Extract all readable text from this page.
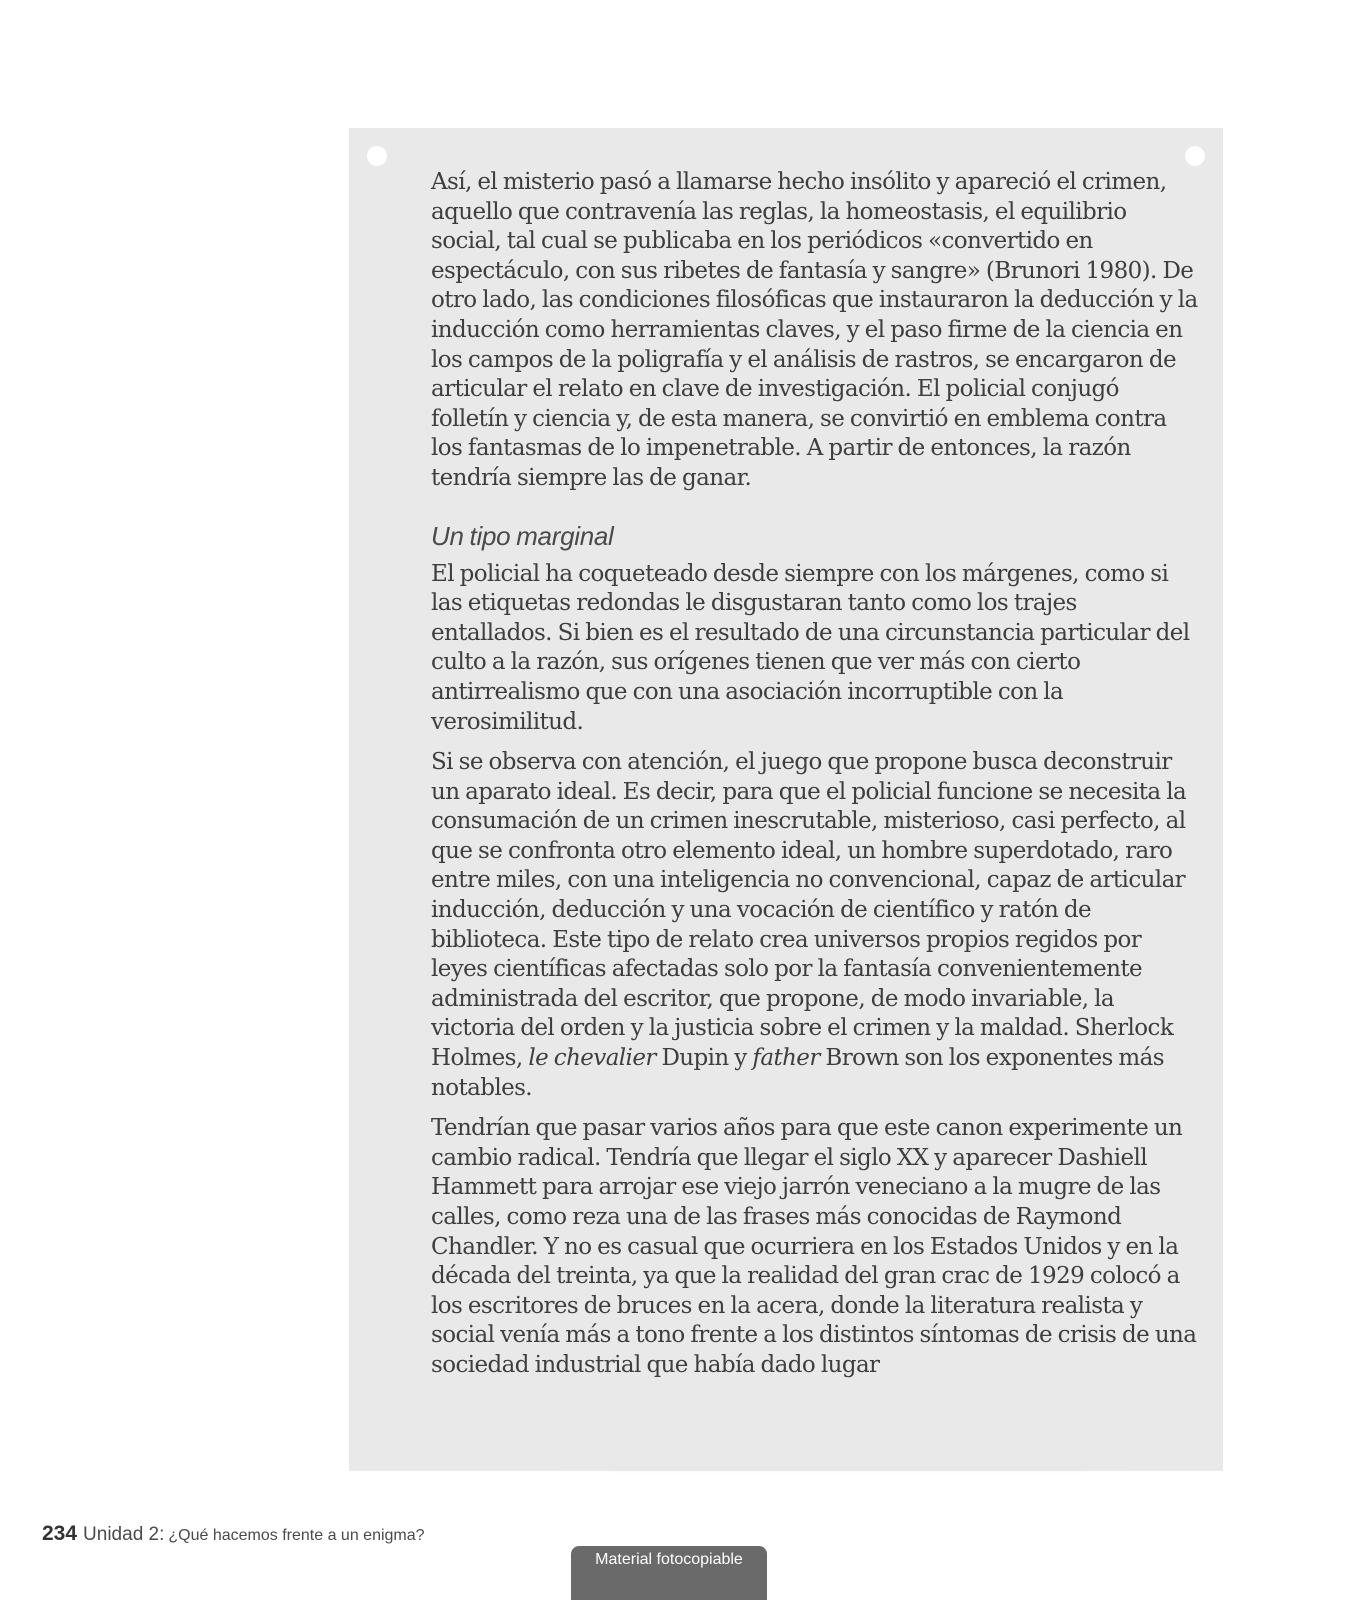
Así, el misterio pasó a llamarse hecho insólito y apareció el crimen, aquello que contravenía las reglas, la homeostasis, el equilibrio social, tal cual se publicaba en los periódicos «convertido en espectáculo, con sus ribetes de fantasía y sangre» (Brunori 1980). De otro lado, las condiciones filosóficas que instauraron la deducción y la inducción como herramientas claves, y el paso firme de la ciencia en los campos de la poligrafía y el análisis de rastros, se encargaron de articular el relato en clave de investigación. El policial conjugó folletín y ciencia y, de esta manera, se convirtió en emblema contra los fantasmas de lo impenetrable. A partir de entonces, la razón tendría siempre las de ganar.

Un tipo marginal

El policial ha coqueteado desde siempre con los márgenes, como si las etiquetas redondas le disgustaran tanto como los trajes entallados. Si bien es el resultado de una circunstancia particular del culto a la razón, sus orígenes tienen que ver más con cierto antirrealismo que con una asociación incorruptible con la verosimilitud.

Si se observa con atención, el juego que propone busca deconstruir un aparato ideal. Es decir, para que el policial funcione se necesita la consumación de un crimen inescrutable, misterioso, casi perfecto, al que se confronta otro elemento ideal, un hombre superdotado, raro entre miles, con una inteligencia no convencional, capaz de articular inducción, deducción y una vocación de científico y ratón de biblioteca. Este tipo de relato crea universos propios regidos por leyes científicas afectadas solo por la fantasía convenientemente administrada del escritor, que propone, de modo invariable, la victoria del orden y la justicia sobre el crimen y la maldad. Sherlock Holmes, le chevalier Dupin y father Brown son los exponentes más notables.

Tendrían que pasar varios años para que este canon experimente un cambio radical. Tendría que llegar el siglo XX y aparecer Dashiell Hammett para arrojar ese viejo jarrón veneciano a la mugre de las calles, como reza una de las frases más conocidas de Raymond Chandler. Y no es casual que ocurriera en los Estados Unidos y en la década del treinta, ya que la realidad del gran crac de 1929 colocó a los escritores de bruces en la acera, donde la literatura realista y social venía más a tono frente a los distintos síntomas de crisis de una sociedad industrial que había dado lugar

234 Unidad 2: ¿Qué hacemos frente a un enigma?
Material fotocopiable
